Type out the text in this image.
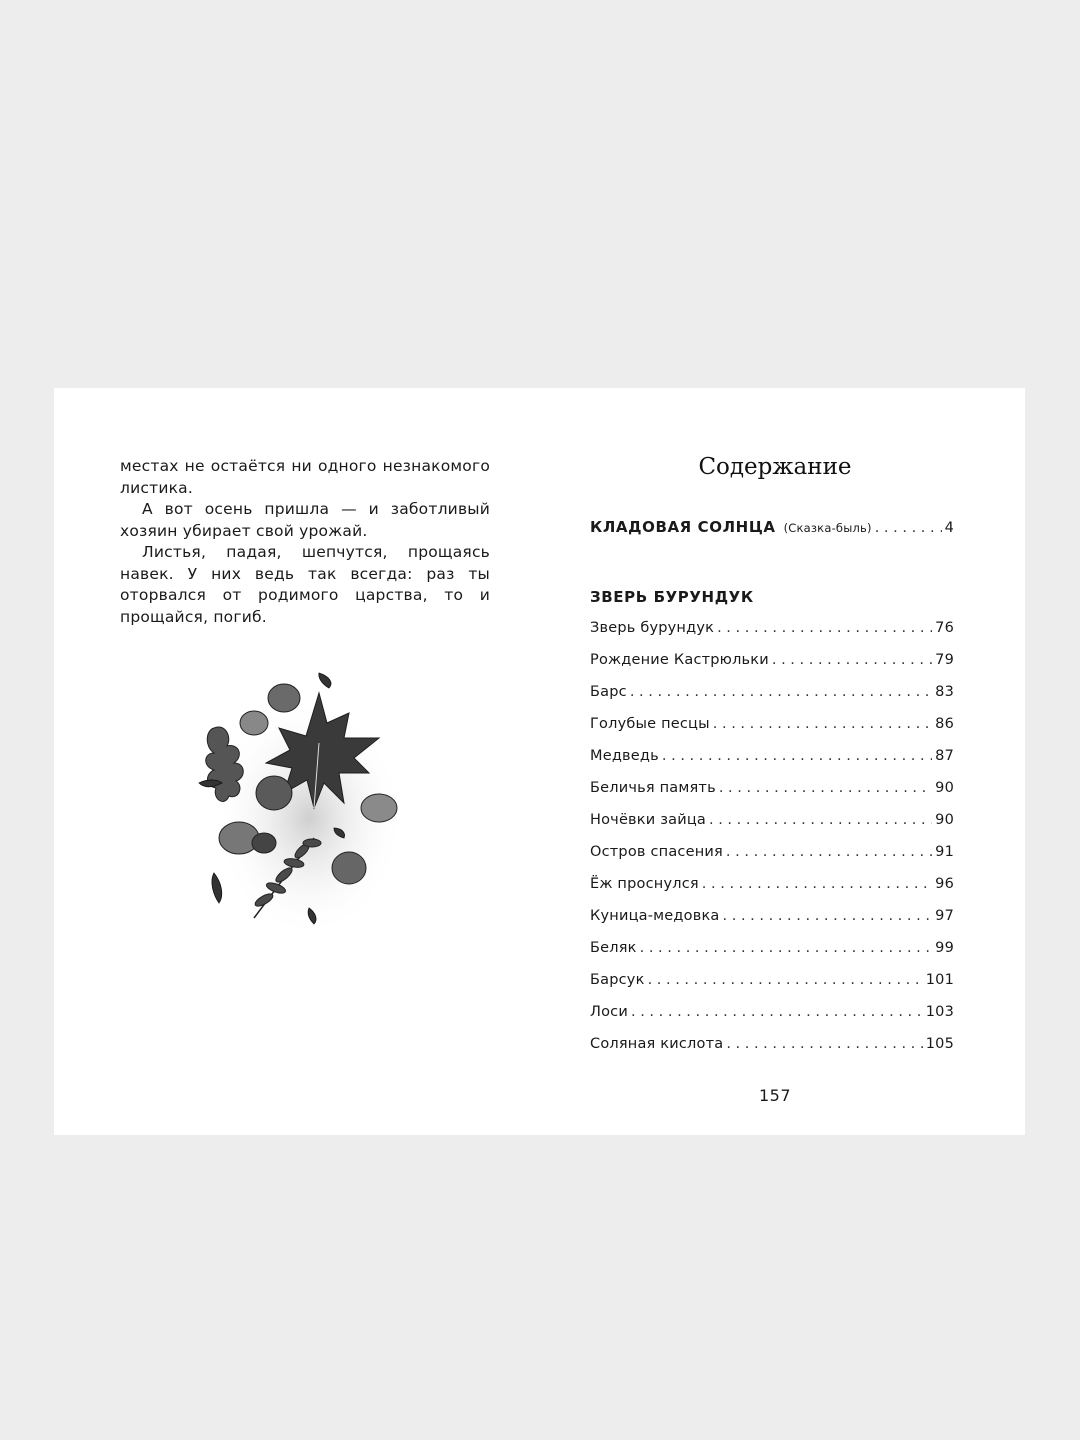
местах не остаётся ни одного незнакомого листика.

А вот осень пришла — и заботливый хозяин убирает свой урожай.

Листья, падая, шепчутся, прощаясь навек. У них ведь так всегда: раз ты оторвался от родимого царства, то и прощайся, погиб.

Содержание
КЛАДОВАЯ СОЛНЦА (Сказка-быль) . . .	4
ЗВЕРЬ БУРУНДУК
Зверь бурундук . . .	76
Рождение Кастрюльки . . .	79
Барс . . .	83
Голубые песцы . . .	86
Медведь . . .	87
Беличья память . . .	90
Ночёвки зайца . . .	90
Остров спасения . . .	91
Ёж проснулся . . .	96
Куница-медовка . . .	97
Беляк . . .	99
Барсук . . .	101
Лоси . . .	103
Соляная кислота . . .	105
157
